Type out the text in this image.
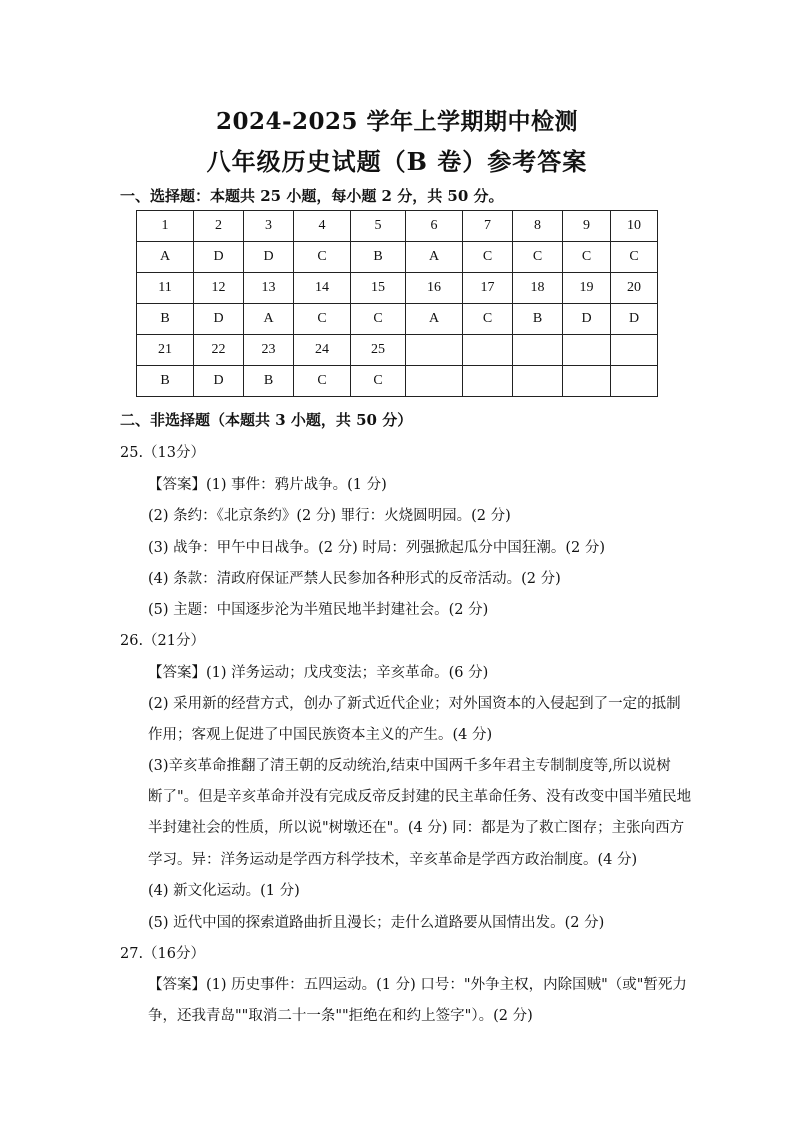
2024-2025 学年上学期期中检测
八年级历史试题（B 卷）参考答案
一、选择题：本题共 25 小题，每小题 2 分，共 50 分。
1	2	3	4	5	6	7	8	9	10
A	D	D	C	B	A	C	C	C	C
11	12	13	14	15	16	17	18	19	20
B	D	A	C	C	A	C	B	D	D
21	22	23	24	25					
B	D	B	C	C					
二、非选择题（本题共 3 小题，共 50 分）
25.（13分）
【答案】(1) 事件：鸦片战争。(1 分)
(2) 条约：《北京条约》(2 分) 罪行：火烧圆明园。(2 分)
(3) 战争：甲午中日战争。(2 分) 时局：列强掀起瓜分中国狂潮。(2 分)
(4) 条款：清政府保证严禁人民参加各种形式的反帝活动。(2 分)
(5) 主题：中国逐步沦为半殖民地半封建社会。(2 分)
26.（21分）
【答案】(1) 洋务运动；戊戌变法；辛亥革命。(6 分)
(2) 采用新的经营方式，创办了新式近代企业；对外国资本的入侵起到了一定的抵制
作用；客观上促进了中国民族资本主义的产生。(4 分)
(3)辛亥革命推翻了清王朝的反动统治,结束中国两千多年君主专制制度等,所以说树
断了"。但是辛亥革命并没有完成反帝反封建的民主革命任务、没有改变中国半殖民地
半封建社会的性质，所以说"树墩还在"。(4 分) 同：都是为了救亡图存；主张向西方
学习。异：洋务运动是学西方科学技术，辛亥革命是学西方政治制度。(4 分)
(4) 新文化运动。(1 分)
(5) 近代中国的探索道路曲折且漫长；走什么道路要从国情出发。(2 分)
27.（16分）
【答案】(1) 历史事件：五四运动。(1 分) 口号："外争主权，内除国贼"（或"暂死力
争，还我青岛""取消二十一条""拒绝在和约上签字"）。(2 分)
